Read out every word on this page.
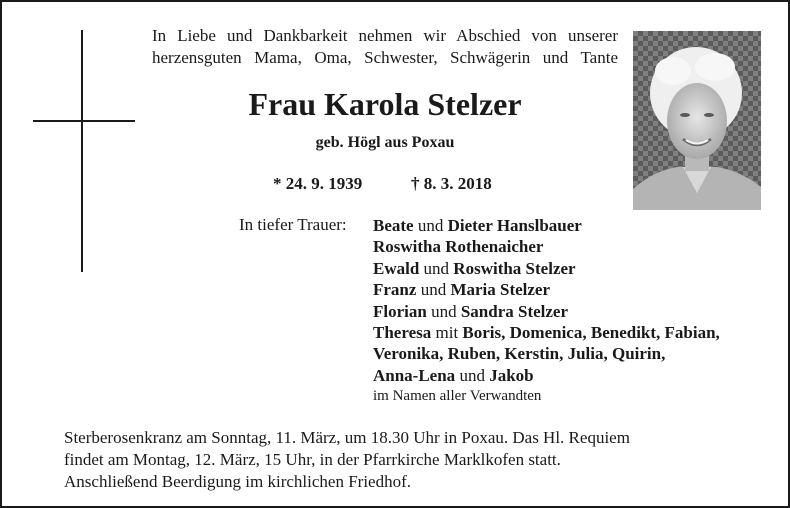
In Liebe und Dankbarkeit nehmen wir Abschied von unserer
herzensguten Mama, Oma, Schwester, Schwägerin und Tante
Frau Karola Stelzer
geb. Högl aus Poxau
* 24. 9. 1939	† 8. 3. 2018
In tiefer Trauer: Beate und Dieter Hanslbauer
Roswitha Rothenaicher
Ewald und Roswitha Stelzer
Franz und Maria Stelzer
Florian und Sandra Stelzer
Theresa mit Boris, Domenica, Benedikt, Fabian,
Veronika, Ruben, Kerstin, Julia, Quirin,
Anna-Lena und Jakob
im Namen aller Verwandten
Sterberosenkranz am Sonntag, 11. März, um 18.30 Uhr in Poxau. Das Hl. Requiem
findet am Montag, 12. März, 15 Uhr, in der Pfarrkirche Marklkofen statt.
Anschließend Beerdigung im kirchlichen Friedhof.
